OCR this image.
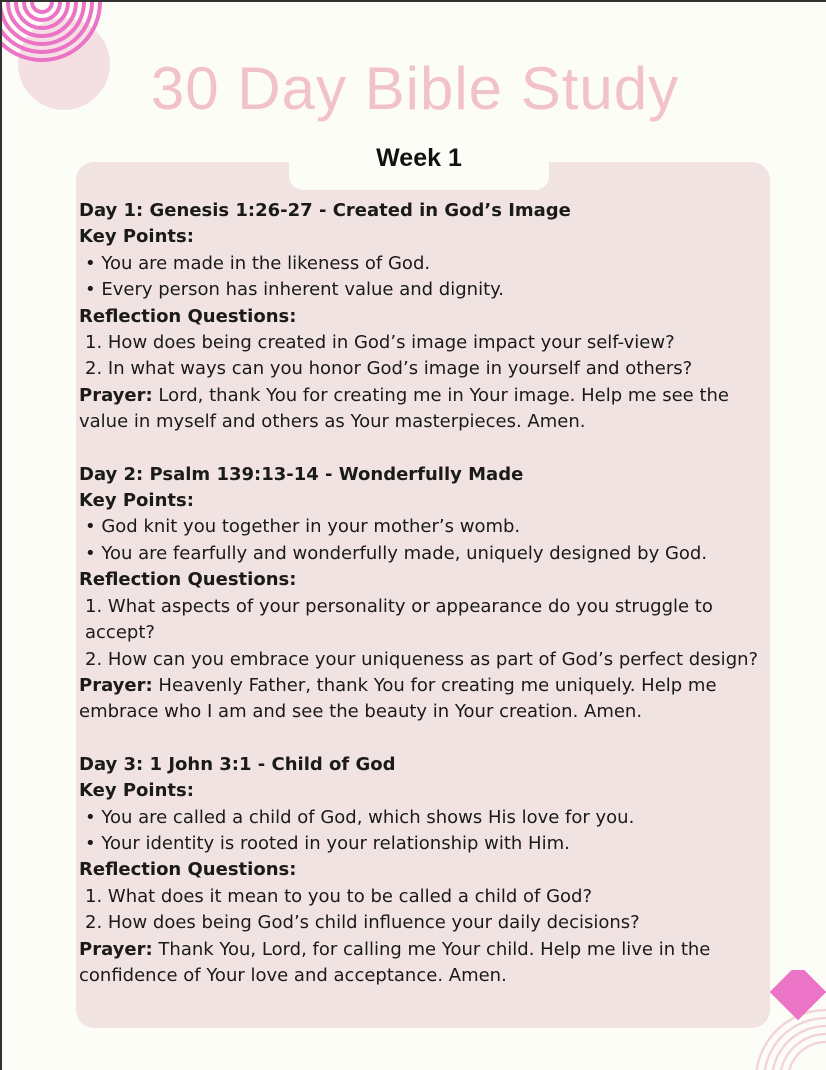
30 Day Bible Study
Week 1

Day 1: Genesis 1:26-27 - Created in God’s Image

Key Points:

• You are made in the likeness of God.

• Every person has inherent value and dignity.

Reflection Questions:

1. How does being created in God’s image impact your self-view?

2. In what ways can you honor God’s image in yourself and others?

Prayer: Lord, thank You for creating me in Your image. Help me see the value in myself and others as Your masterpieces. Amen.

Day 2: Psalm 139:13-14 - Wonderfully Made

Key Points:

• God knit you together in your mother’s womb.

• You are fearfully and wonderfully made, uniquely designed by God.

Reflection Questions:

1. What aspects of your personality or appearance do you struggle to accept?

2. How can you embrace your uniqueness as part of God’s perfect design?

Prayer: Heavenly Father, thank You for creating me uniquely. Help me embrace who I am and see the beauty in Your creation. Amen.

Day 3: 1 John 3:1 - Child of God

Key Points:

• You are called a child of God, which shows His love for you.

• Your identity is rooted in your relationship with Him.

Reflection Questions:

1. What does it mean to you to be called a child of God?

2. How does being God’s child influence your daily decisions?

Prayer: Thank You, Lord, for calling me Your child. Help me live in the confidence of Your love and acceptance. Amen.
